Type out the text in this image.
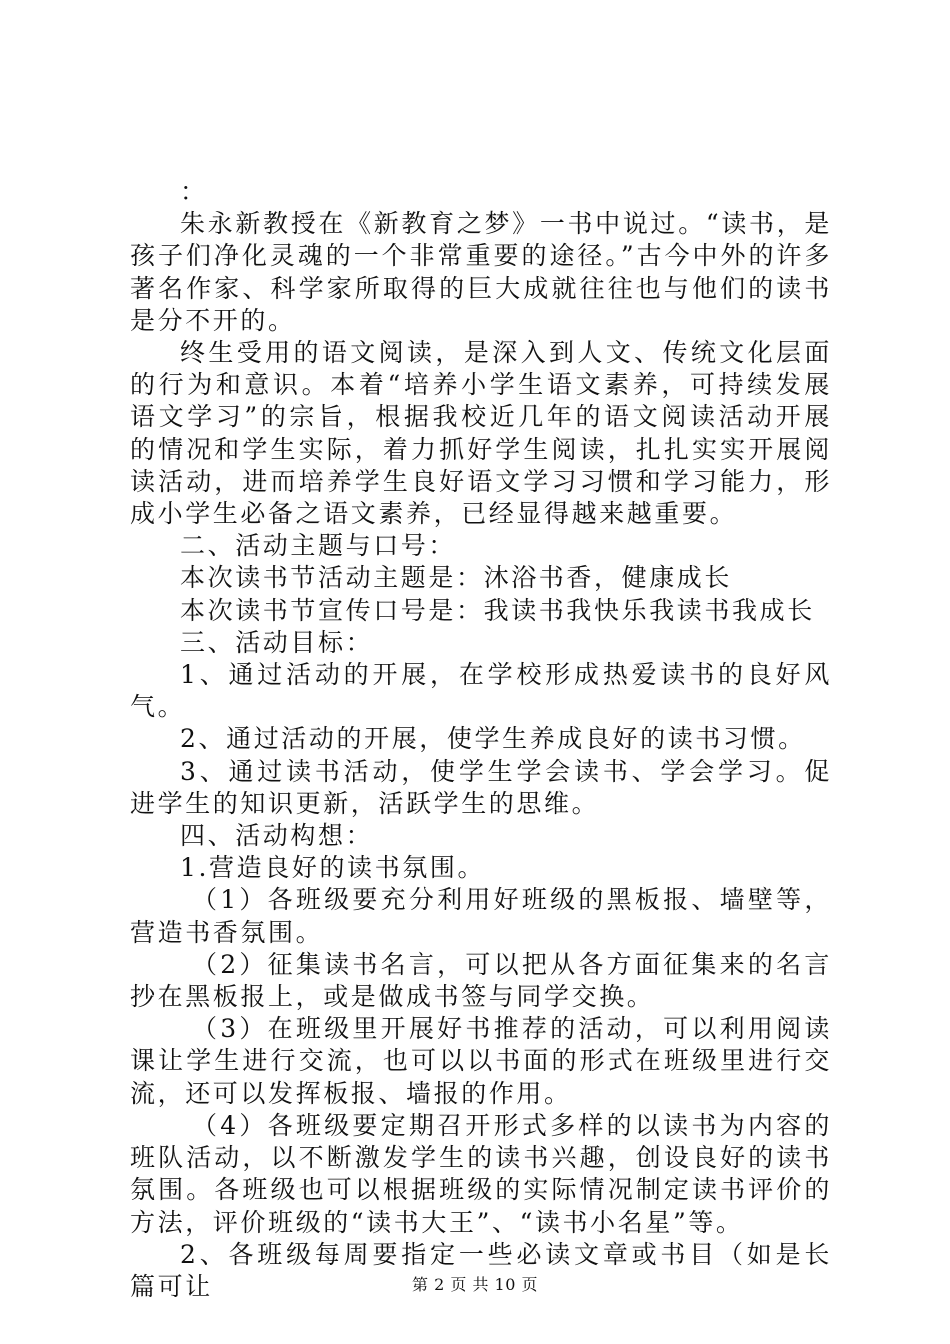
：

朱永新教授在《新教育之梦》一书中说过。“读书，是孩子们净化灵魂的一个非常重要的途径。”古今中外的许多著名作家、科学家所取得的巨大成就往往也与他们的读书是分不开的。

终生受用的语文阅读，是深入到人文、传统文化层面的行为和意识。本着“培养小学生语文素养，可持续发展语文学习”的宗旨，根据我校近几年的语文阅读活动开展的情况和学生实际，着力抓好学生阅读，扎扎实实开展阅读活动，进而培养学生良好语文学习习惯和学习能力，形成小学生必备之语文素养，已经显得越来越重要。

二、活动主题与口号：

本次读书节活动主题是：沐浴书香，健康成长

本次读书节宣传口号是：我读书我快乐我读书我成长

三、活动目标：

1、通过活动的开展，在学校形成热爱读书的良好风气。

2、通过活动的开展，使学生养成良好的读书习惯。

3、通过读书活动，使学生学会读书、学会学习。促进学生的知识更新，活跃学生的思维。

四、活动构想：

1.营造良好的读书氛围。

（1）各班级要充分利用好班级的黑板报、墙壁等，营造书香氛围。

（2）征集读书名言，可以把从各方面征集来的名言抄在黑板报上，或是做成书签与同学交换。

（3）在班级里开展好书推荐的活动，可以利用阅读课让学生进行交流，也可以以书面的形式在班级里进行交流，还可以发挥板报、墙报的作用。

（4）各班级要定期召开形式多样的以读书为内容的班队活动，以不断激发学生的读书兴趣，创设良好的读书氛围。各班级也可以根据班级的实际情况制定读书评价的方法，评价班级的“读书大王”、“读书小名星”等。

2、各班级每周要指定一些必读文章或书目（如是长篇可让	第 2 页 共 10 页
